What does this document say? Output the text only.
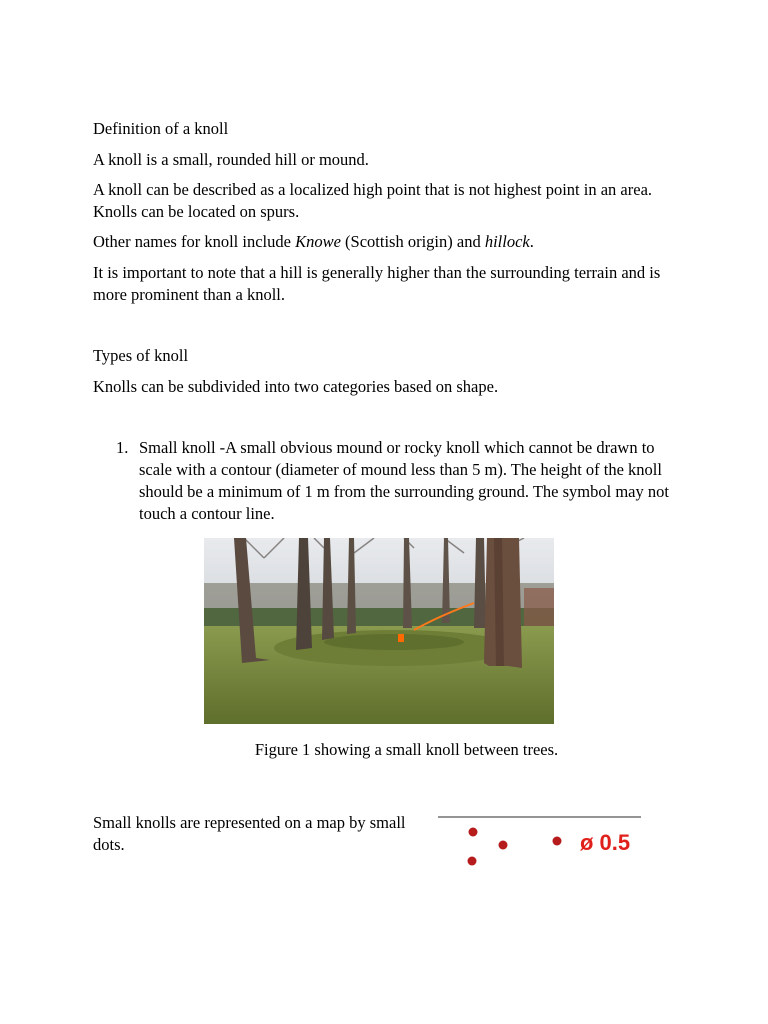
Definition of a knoll

A knoll is a small, rounded hill or mound.

A knoll can be described as a localized high point that is not highest point in an area. Knolls can be located on spurs.

Other names for knoll include Knowe (Scottish origin) and hillock.

It is important to note that a hill is generally higher than the surrounding terrain and is more prominent than a knoll.

Types of knoll

Knolls can be subdivided into two categories based on shape.

1. Small knoll -A small obvious mound or rocky knoll which cannot be drawn to scale with a contour (diameter of mound less than 5 m). The height of the knoll should be a minimum of 1 m from the surrounding ground. The symbol may not touch a contour line.

Figure 1 showing a small knoll between trees.

Small knolls are represented on a map by small dots.	ø 0.5
